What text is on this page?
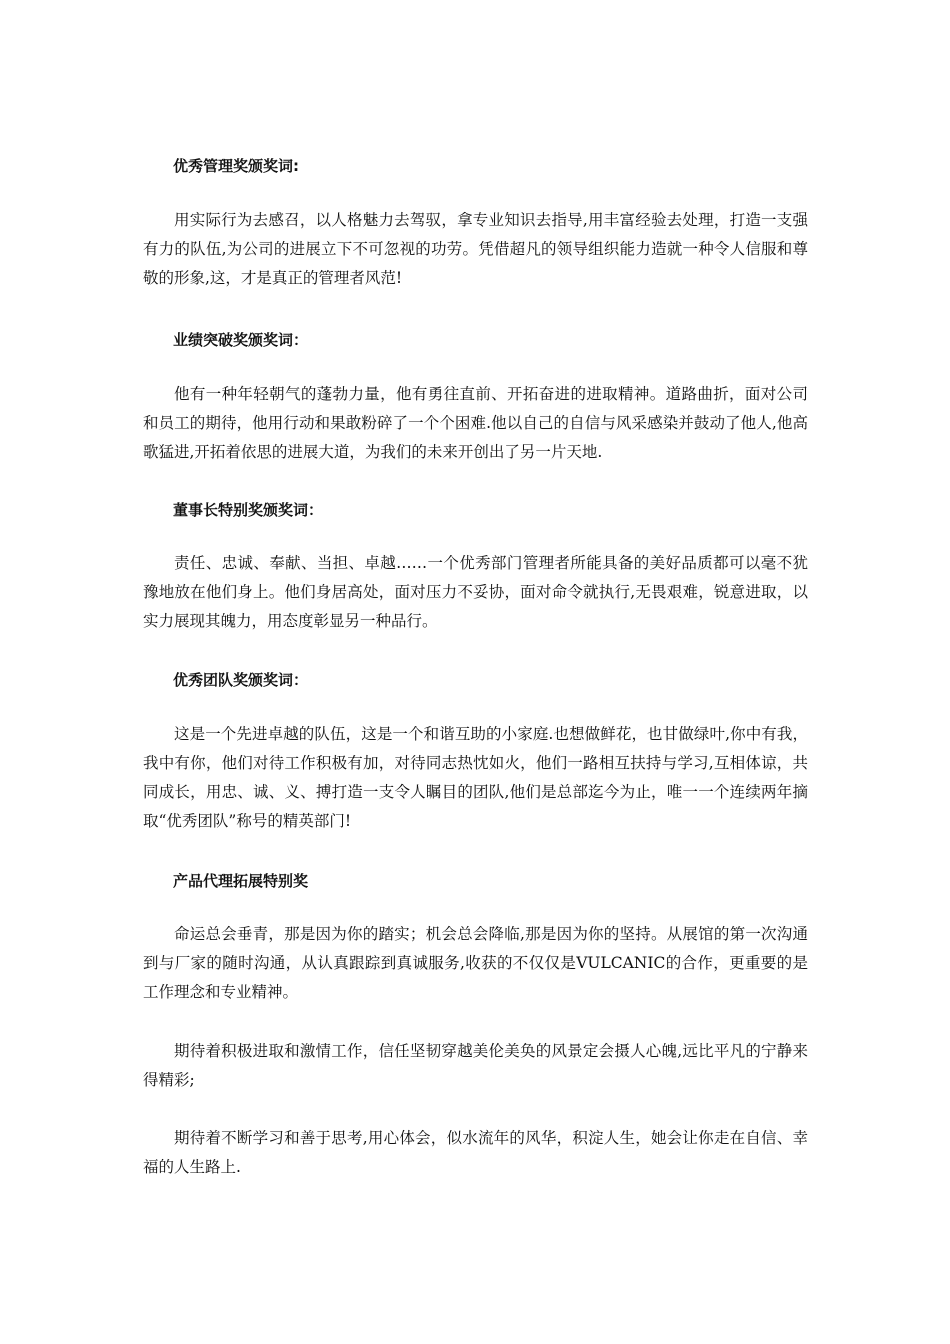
优秀管理奖颁奖词:

用实际行为去感召，以人格魅力去驾驭，拿专业知识去指导,用丰富经验去处理，打造一支强有力的队伍,为公司的进展立下不可忽视的功劳。凭借超凡的领导组织能力造就一种令人信服和尊敬的形象,这，才是真正的管理者风范!

业绩突破奖颁奖词：

他有一种年轻朝气的蓬勃力量，他有勇往直前、开拓奋进的进取精神。道路曲折，面对公司和员工的期待，他用行动和果敢粉碎了一个个困难.他以自己的自信与风采感染并鼓动了他人,他高歌猛进,开拓着依思的进展大道，为我们的未来开创出了另一片天地.

董事长特别奖颁奖词：

责任、忠诚、奉献、当担、卓越……一个优秀部门管理者所能具备的美好品质都可以毫不犹豫地放在他们身上。他们身居高处，面对压力不妥协，面对命令就执行,无畏艰难，锐意进取，以实力展现其魄力，用态度彰显另一种品行。

优秀团队奖颁奖词：

这是一个先进卓越的队伍，这是一个和谐互助的小家庭.也想做鲜花，也甘做绿叶,你中有我，我中有你，他们对待工作积极有加，对待同志热忱如火，他们一路相互扶持与学习,互相体谅，共同成长，用忠、诚、义、搏打造一支令人瞩目的团队,他们是总部迄今为止，唯一一个连续两年摘取“优秀团队”称号的精英部门!

产品代理拓展特别奖

命运总会垂青，那是因为你的踏实；机会总会降临,那是因为你的坚持。从展馆的第一次沟通到与厂家的随时沟通，从认真跟踪到真诚服务,收获的不仅仅是VULCANIC的合作，更重要的是工作理念和专业精神。

期待着积极进取和激情工作，信任坚韧穿越美伦美奂的风景定会摄人心魄,远比平凡的宁静来得精彩;

期待着不断学习和善于思考,用心体会，似水流年的风华，积淀人生，她会让你走在自信、幸福的人生路上.
